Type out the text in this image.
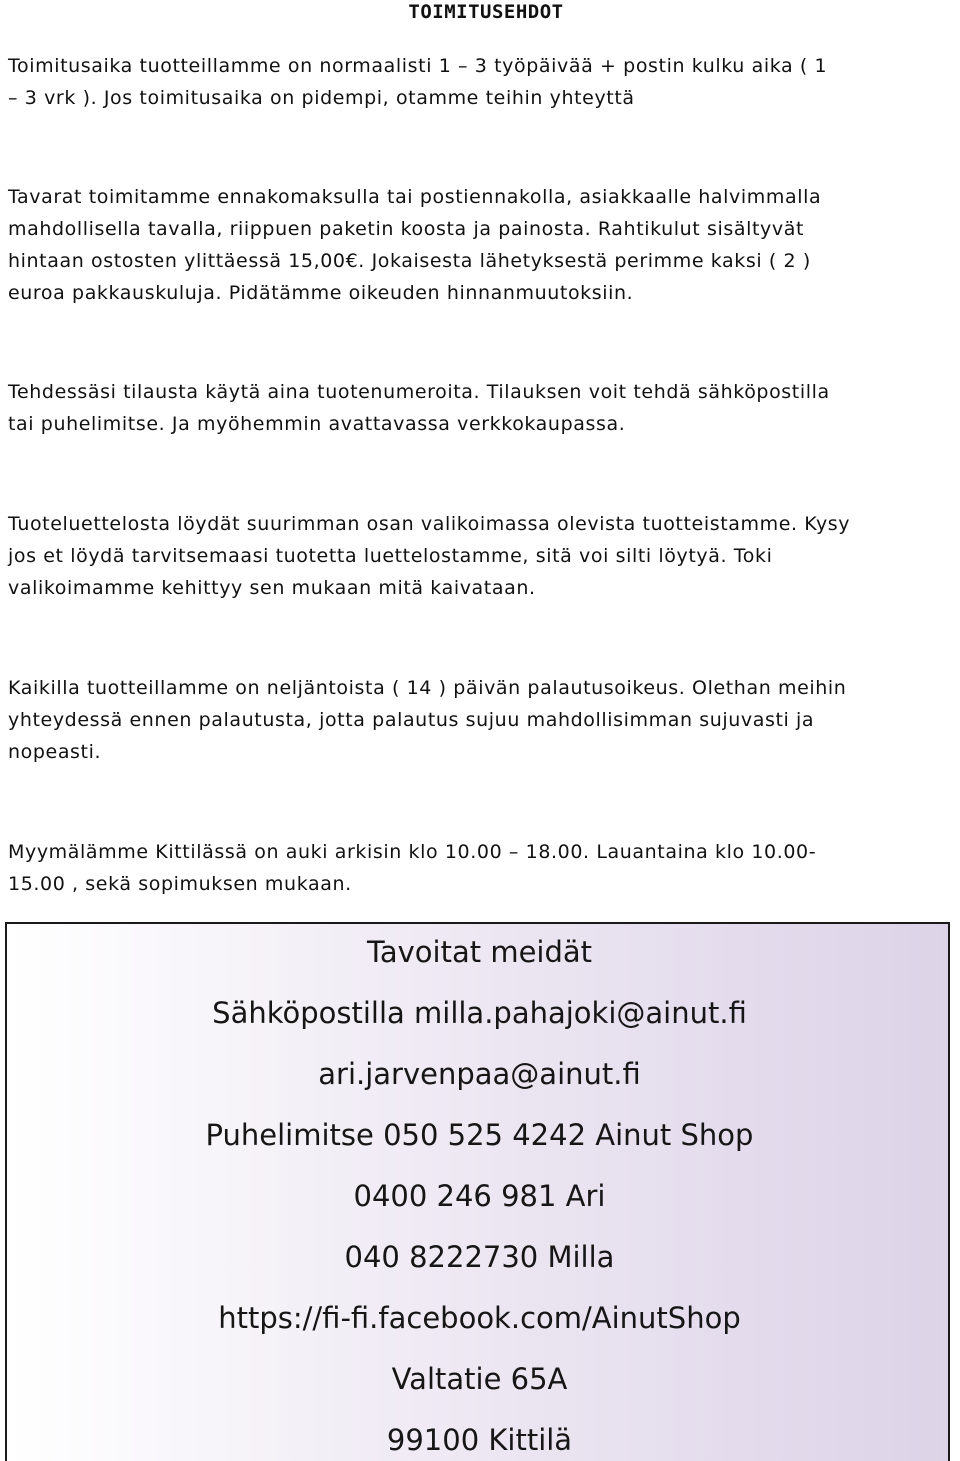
TOIMITUSEHDOT

Toimitusaika tuotteillamme on normaalisti 1 – 3 työpäivää + postin kulku aika ( 1
– 3 vrk ). Jos toimitusaika on pidempi, otamme teihin yhteyttä

Tavarat toimitamme ennakomaksulla tai postiennakolla, asiakkaalle halvimmalla
mahdollisella tavalla, riippuen paketin koosta ja painosta. Rahtikulut sisältyvät
hintaan ostosten ylittäessä 15,00€. Jokaisesta lähetyksestä perimme kaksi ( 2 )
euroa pakkauskuluja. Pidätämme oikeuden hinnanmuutoksiin.

Tehdessäsi tilausta käytä aina tuotenumeroita. Tilauksen voit tehdä sähköpostilla
tai puhelimitse. Ja myöhemmin avattavassa verkkokaupassa.

Tuoteluettelosta löydät suurimman osan valikoimassa olevista tuotteistamme. Kysy
jos et löydä tarvitsemaasi tuotetta luettelostamme, sitä voi silti löytyä. Toki
valikoimamme kehittyy sen mukaan mitä kaivataan.

Kaikilla tuotteillamme on neljäntoista ( 14 ) päivän palautusoikeus. Olethan meihin
yhteydessä ennen palautusta, jotta palautus sujuu mahdollisimman sujuvasti ja
nopeasti.

Myymälämme Kittilässä on auki arkisin klo 10.00 – 18.00. Lauantaina klo 10.00-
15.00 , sekä sopimuksen mukaan.

Tavoitat meidät
Sähköpostilla milla.pahajoki@ainut.fi
ari.jarvenpaa@ainut.fi
Puhelimitse 050 525 4242 Ainut Shop
0400 246 981 Ari
040 8222730 Milla
https://fi-fi.facebook.com/AinutShop
Valtatie 65A
99100 Kittilä
